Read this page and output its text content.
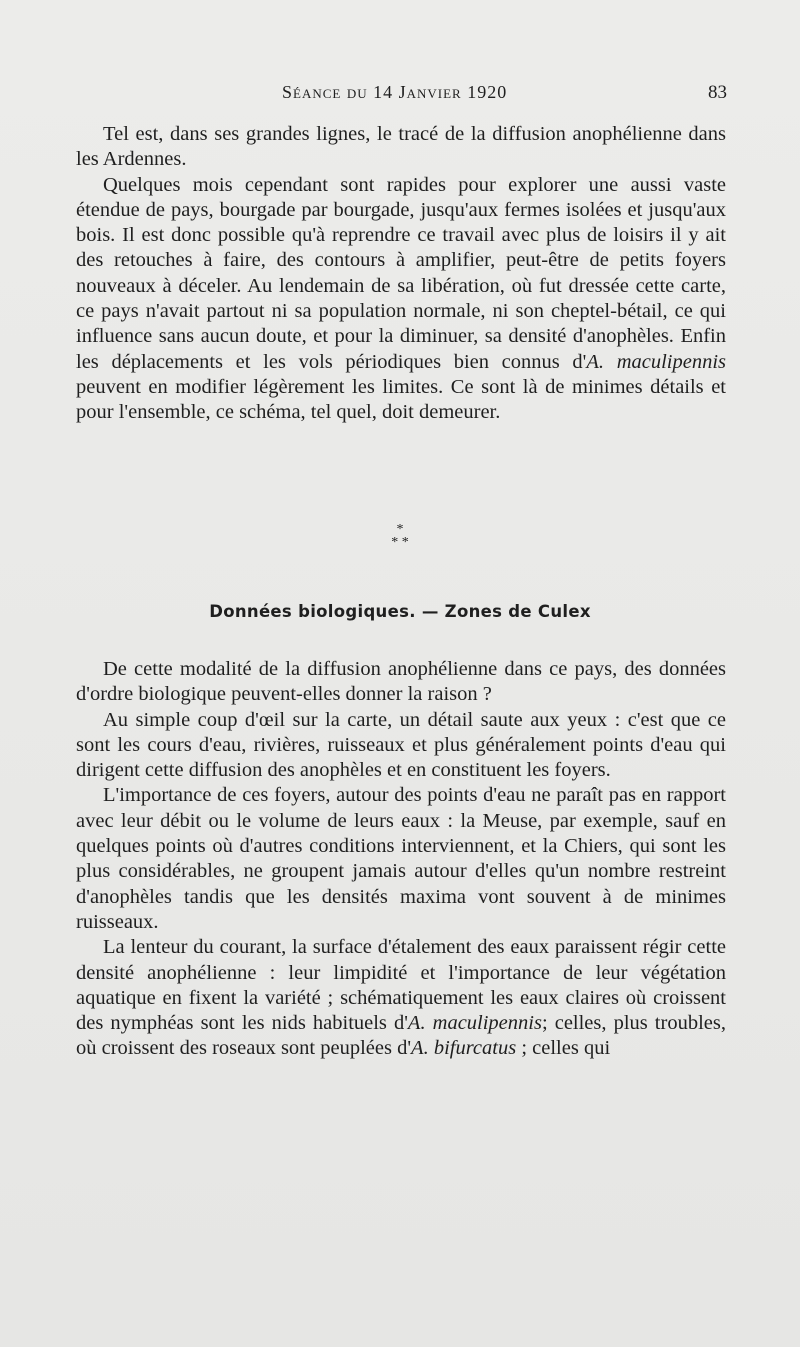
Séance du 14 Janvier 1920	83

Tel est, dans ses grandes lignes, le tracé de la diffusion anophélienne dans les Ardennes.

Quelques mois cependant sont rapides pour explorer une aussi vaste étendue de pays, bourgade par bourgade, jusqu'aux fermes isolées et jusqu'aux bois. Il est donc possible qu'à reprendre ce travail avec plus de loisirs il y ait des retouches à faire, des contours à amplifier, peut-être de petits foyers nouveaux à déceler. Au lendemain de sa libération, où fut dressée cette carte, ce pays n'avait partout ni sa population normale, ni son cheptel-bétail, ce qui influence sans aucun doute, et pour la diminuer, sa densité d'anophèles. Enfin les déplacements et les vols périodiques bien connus d'A. maculipennis peuvent en modifier légèrement les limites. Ce sont là de minimes détails et pour l'ensemble, ce schéma, tel quel, doit demeurer.

*
* *
Données biologiques. — Zones de Culex

De cette modalité de la diffusion anophélienne dans ce pays, des données d'ordre biologique peuvent-elles donner la raison ?

Au simple coup d'œil sur la carte, un détail saute aux yeux : c'est que ce sont les cours d'eau, rivières, ruisseaux et plus généralement points d'eau qui dirigent cette diffusion des anophèles et en constituent les foyers.

L'importance de ces foyers, autour des points d'eau ne paraît pas en rapport avec leur débit ou le volume de leurs eaux : la Meuse, par exemple, sauf en quelques points où d'autres conditions interviennent, et la Chiers, qui sont les plus considérables, ne groupent jamais autour d'elles qu'un nombre restreint d'anophèles tandis que les densités maxima vont souvent à de minimes ruisseaux.

La lenteur du courant, la surface d'étalement des eaux paraissent régir cette densité anophélienne : leur limpidité et l'importance de leur végétation aquatique en fixent la variété ; schématiquement les eaux claires où croissent des nymphéas sont les nids habituels d'A. maculipennis; celles, plus troubles, où croissent des roseaux sont peuplées d'A. bifurcatus ; celles qui
